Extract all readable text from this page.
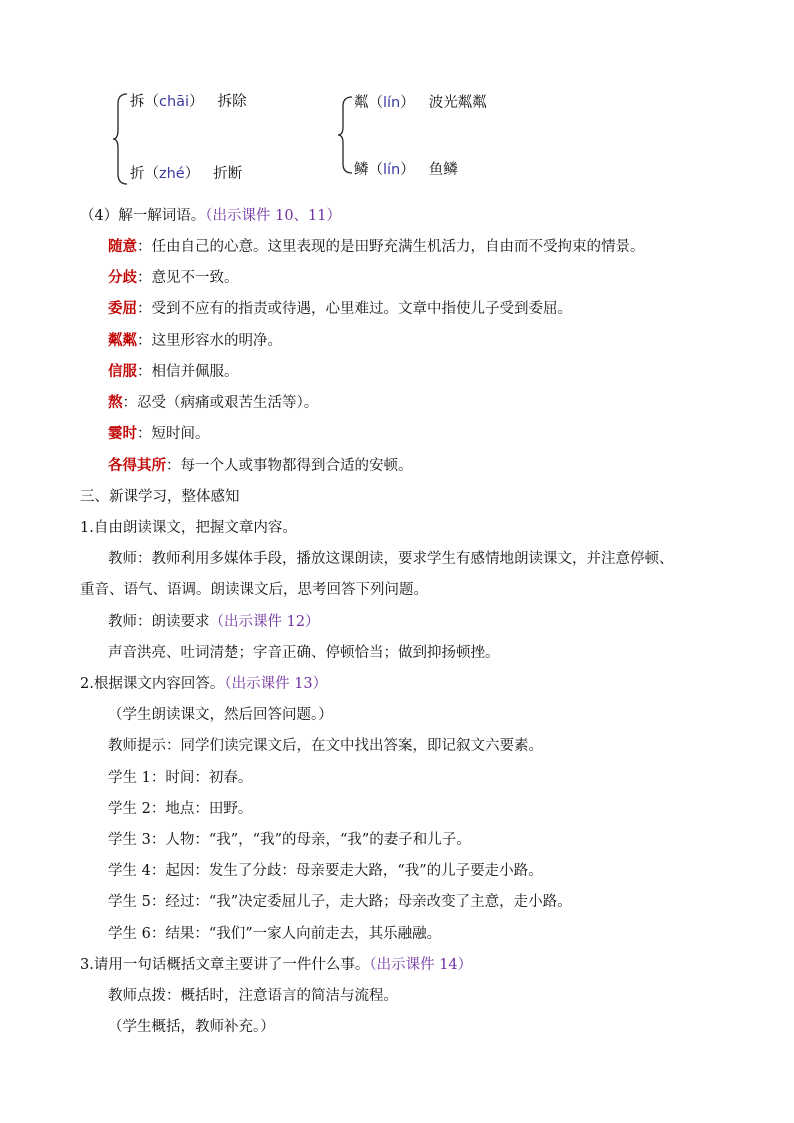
拆（chāi） 拆除
折（zhé） 折断
粼（lín） 波光粼粼
鳞（lín） 鱼鳞
（4）解一解词语。（出示课件 10、11）
随意：任由自己的心意。这里表现的是田野充满生机活力，自由而不受拘束的情景。
分歧：意见不一致。
委屈：受到不应有的指责或待遇，心里难过。文章中指使儿子受到委屈。
粼粼：这里形容水的明净。
信服：相信并佩服。
熬：忍受（病痛或艰苦生活等）。
霎时：短时间。
各得其所：每一个人或事物都得到合适的安顿。
三、新课学习，整体感知
1.自由朗读课文，把握文章内容。
教师：教师利用多媒体手段，播放这课朗读，要求学生有感情地朗读课文，并注意停顿、
重音、语气、语调。朗读课文后，思考回答下列问题。
教师：朗读要求（出示课件 12）
声音洪亮、吐词清楚；字音正确、停顿恰当；做到抑扬顿挫。
2.根据课文内容回答。（出示课件 13）
（学生朗读课文，然后回答问题。）
教师提示：同学们读完课文后，在文中找出答案，即记叙文六要素。
学生 1：时间：初春。
学生 2：地点：田野。
学生 3：人物：“我”，“我”的母亲，“我”的妻子和儿子。
学生 4：起因：发生了分歧：母亲要走大路，“我”的儿子要走小路。
学生 5：经过：“我”决定委屈儿子，走大路；母亲改变了主意，走小路。
学生 6：结果：“我们”一家人向前走去，其乐融融。
3.请用一句话概括文章主要讲了一件什么事。（出示课件 14）
教师点拨：概括时，注意语言的简洁与流程。
（学生概括，教师补充。）
